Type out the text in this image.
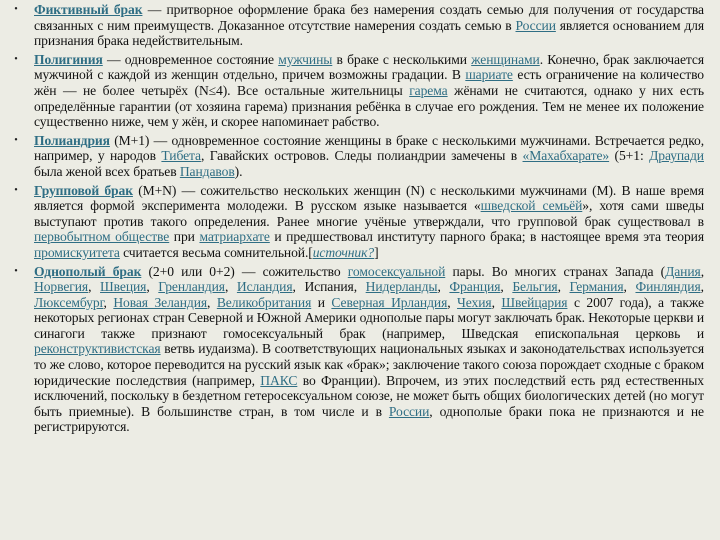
•	Фиктивный брак — притворное оформление брака без намерения создать семью для получения от государства связанных с ним преимуществ. Доказанное отсутствие намерения создать семью в России является основанием для признания брака недействительным.
•	Полигиния — одновременное состояние мужчины в браке с несколькими женщинами. Конечно, брак заключается мужчиной с каждой из женщин отдельно, причем возможны градации. В шариате есть ограничение на количество жён — не более четырёх (N≤4). Все остальные жительницы гарема жёнами не считаются, однако у них есть определённые гарантии (от хозяина гарема) признания ребёнка в случае его рождения. Тем не менее их положение существенно ниже, чем у жён, и скорее напоминает рабство.
•	Полиандрия (M+1) — одновременное состояние женщины в браке с несколькими мужчинами. Встречается редко, например, у народов Тибета, Гавайских островов. Следы полиандрии замечены в «Махабхарате» (5+1: Драупади была женой всех братьев Пандавов).
•	Групповой брак (M+N) — сожительство нескольких женщин (N) с несколькими мужчинами (M). В наше время является формой эксперимента молодежи. В русском языке называется «шведской семьёй», хотя сами шведы выступают против такого определения. Ранее многие учёные утверждали, что групповой брак существовал в первобытном обществе при матриархате и предшествовал институту парного брака; в настоящее время эта теория промискуитета считается весьма сомнительной.[источник?]
•	Однополый брак (2+0 или 0+2) — сожительство гомосексуальной пары. Во многих странах Запада (Дания, Норвегия, Швеция, Гренландия, Исландия, Испания, Нидерланды, Франция, Бельгия, Германия, Финляндия, Люксембург, Новая Зеландия, Великобритания и Северная Ирландия, Чехия, Швейцария с 2007 года), а также некоторых регионах стран Северной и Южной Америки однополые пары могут заключать брак. Некоторые церкви и синагоги также признают гомосексуальный брак (например, Шведская епископальная церковь и реконструктивистская ветвь иудаизма). В соответствующих национальных языках и законодательствах используется то же слово, которое переводится на русский язык как «брак»; заключение такого союза порождает сходные с браком юридические последствия (например, ПАКС во Франции). Впрочем, из этих последствий есть ряд естественных исключений, поскольку в бездетном гетеросексуальном союзе, не может быть общих биологических детей (но могут быть приемные). В большинстве стран, в том числе и в России, однополые браки пока не признаются и не регистрируются.
